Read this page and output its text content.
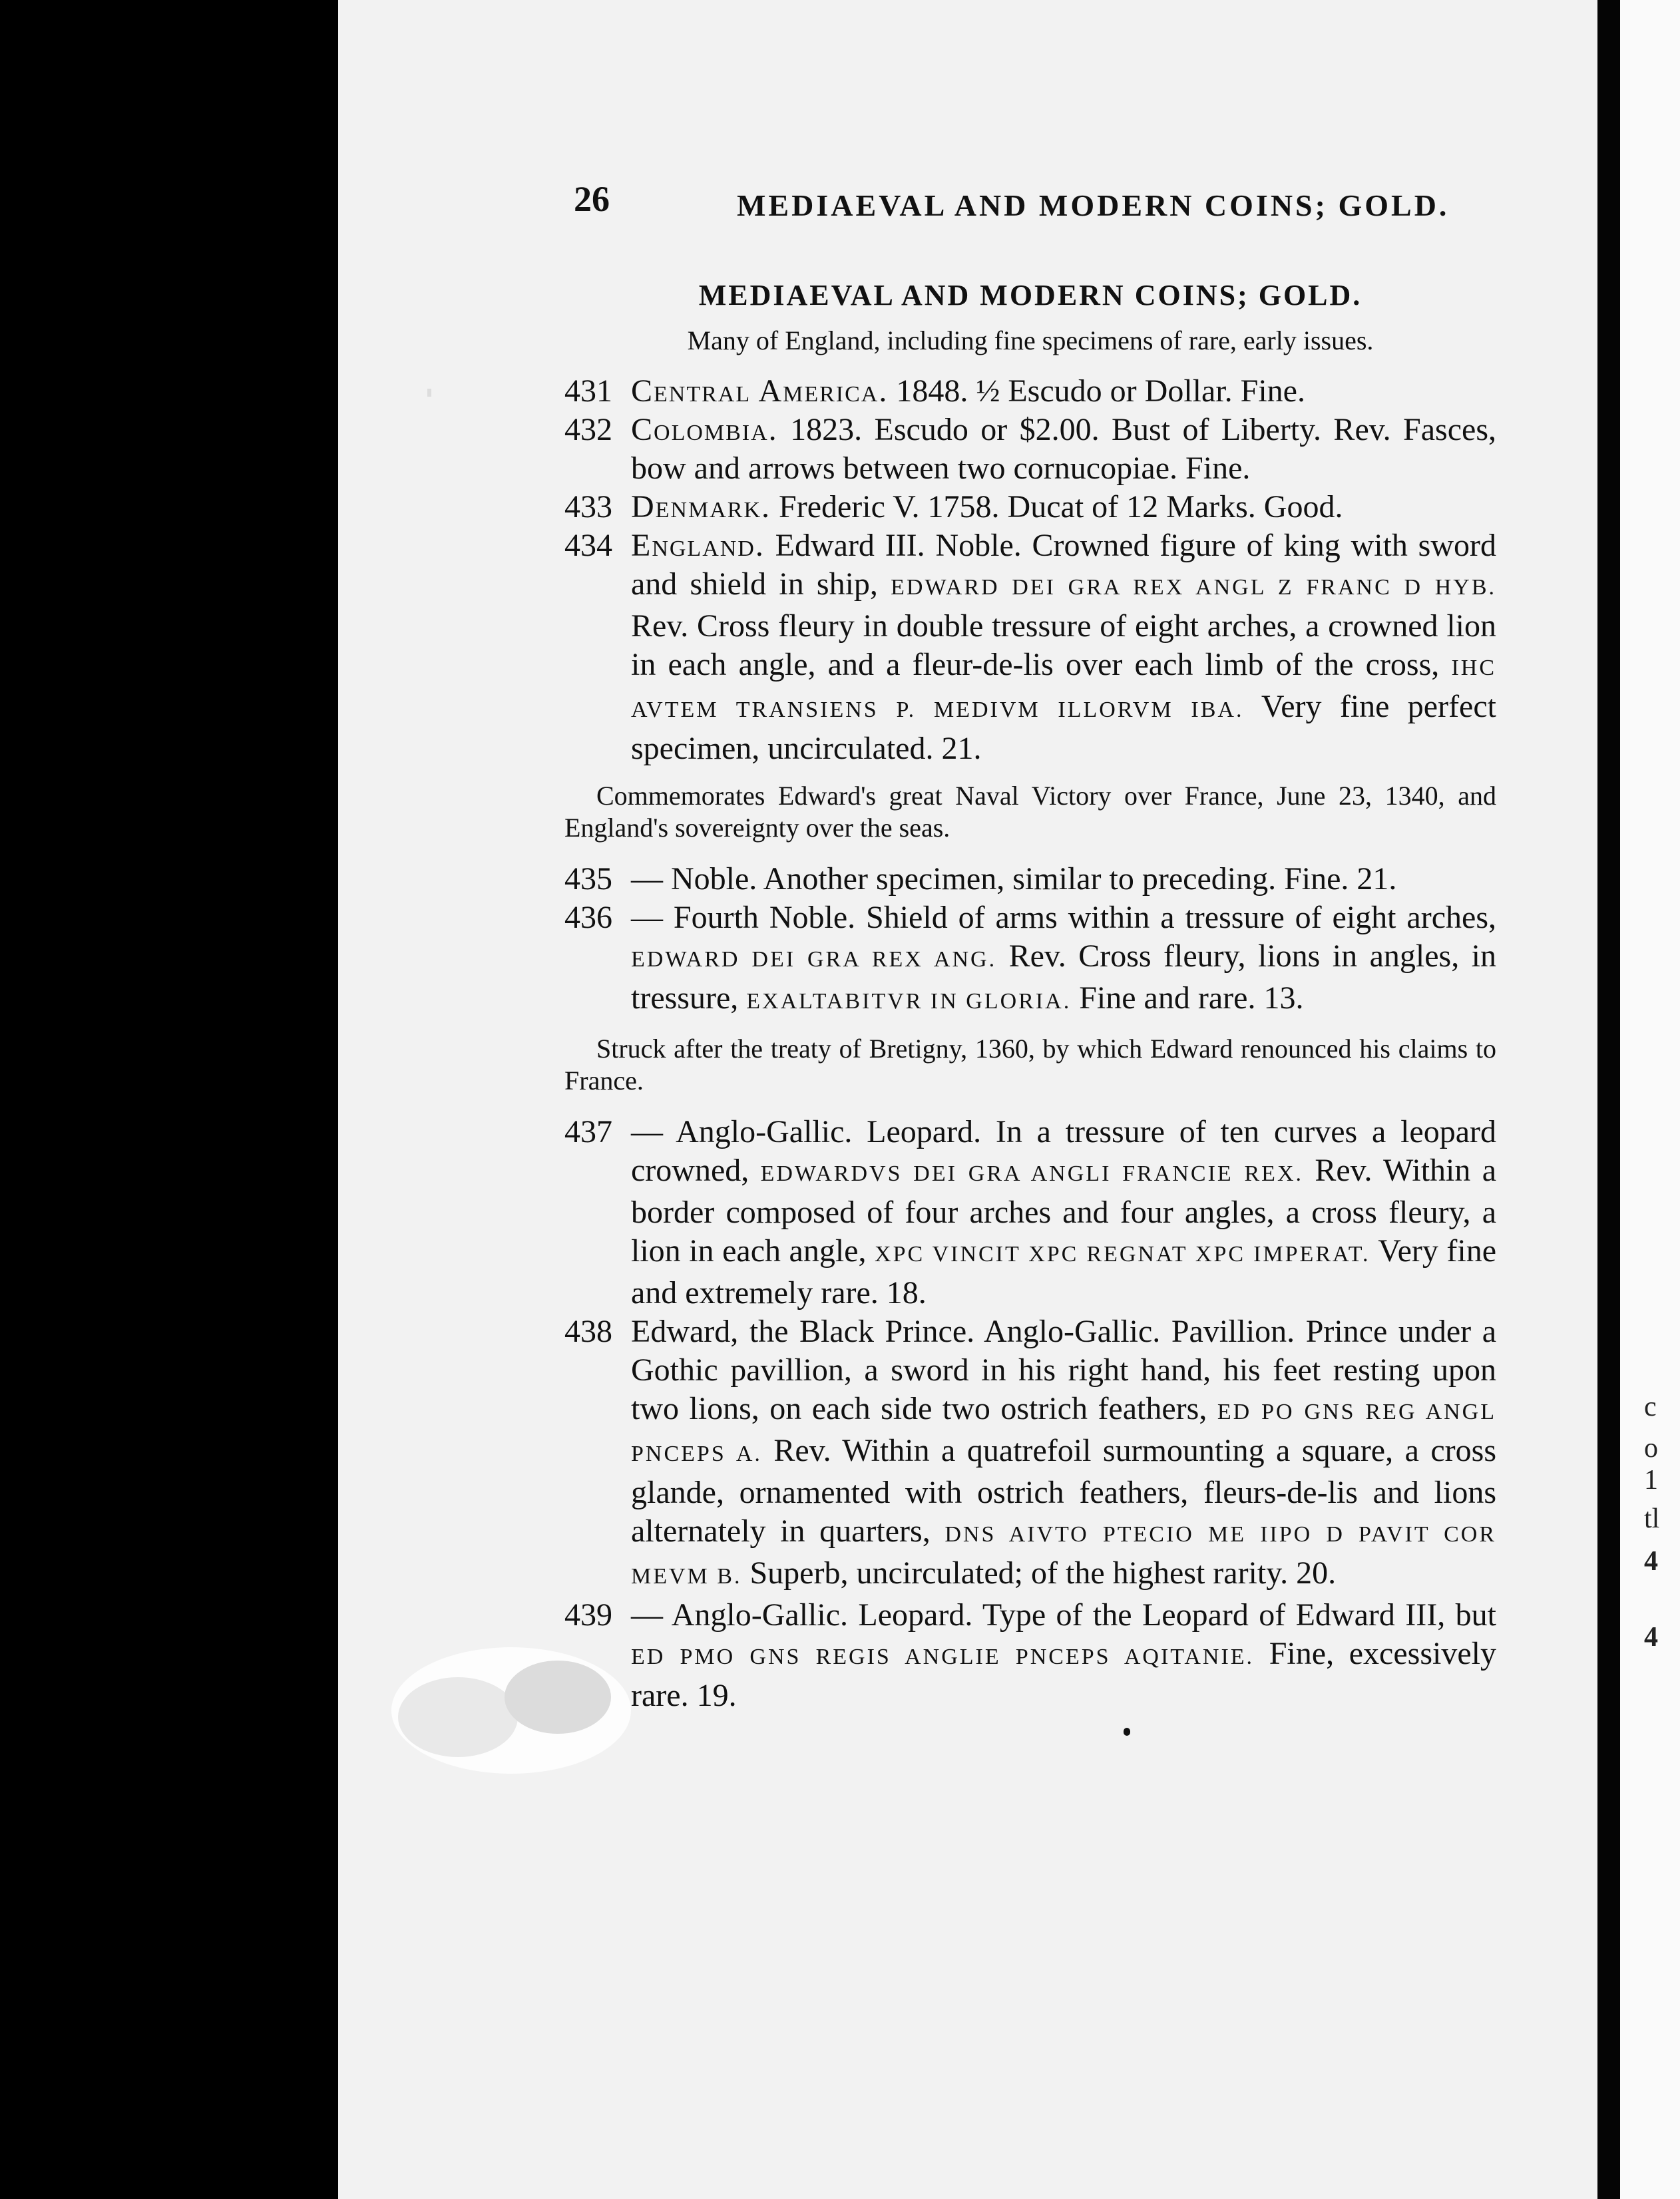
26	MEDIAEVAL AND MODERN COINS; GOLD.

MEDIAEVAL AND MODERN COINS; GOLD.

Many of England, including fine specimens of rare, early issues.

431 Central America. 1848. ½ Escudo or Dollar. Fine.

432 Colombia. 1823. Escudo or $2.00. Bust of Liberty. Rev. Fasces, bow and arrows between two cornucopiae. Fine.

433 Denmark. Frederic V. 1758. Ducat of 12 Marks. Good.

434 England. Edward III. Noble. Crowned figure of king with sword and shield in ship, EDWARD DEI GRA REX ANGL Z FRANC D HYB. Rev. Cross fleury in double tressure of eight arches, a crowned lion in each angle, and a fleur-de-lis over each limb of the cross, IHC AVTEM TRANSIENS P. MEDIVM ILLORVM IBA. Very fine perfect specimen, uncirculated. 21.

Commemorates Edward's great Naval Victory over France, June 23, 1340, and England's sovereignty over the seas.

435 — Noble. Another specimen, similar to preceding. Fine. 21.

436 — Fourth Noble. Shield of arms within a tressure of eight arches, EDWARD DEI GRA REX ANG. Rev. Cross fleury, lions in angles, in tressure, EXALTABITVR IN GLORIA. Fine and rare. 13.

Struck after the treaty of Bretigny, 1360, by which Edward renounced his claims to France.

437 — Anglo-Gallic. Leopard. In a tressure of ten curves a leopard crowned, EDWARDVS DEI GRA ANGLI FRANCIE REX. Rev. Within a border composed of four arches and four angles, a cross fleury, a lion in each angle, XPC VINCIT XPC REGNAT XPC IMPERAT. Very fine and extremely rare. 18.

438 Edward, the Black Prince. Anglo-Gallic. Pavillion. Prince under a Gothic pavillion, a sword in his right hand, his feet resting upon two lions, on each side two ostrich feathers, ED PO GNS REG ANGL PNCEPS A. Rev. Within a quatrefoil surmounting a square, a cross glande, ornamented with ostrich feathers, fleurs-de-lis and lions alternately in quarters, DNS AIVTO PTECIO ME IIPO D PAVIT COR MEVM B. Superb, uncirculated; of the highest rarity. 20.

439 — Anglo-Gallic. Leopard. Type of the Leopard of Edward III, but ED PMO GNS REGIS ANGLIE PNCEPS AQITANIE. Fine, excessively rare. 19.

c
o
1
tl
4
4
